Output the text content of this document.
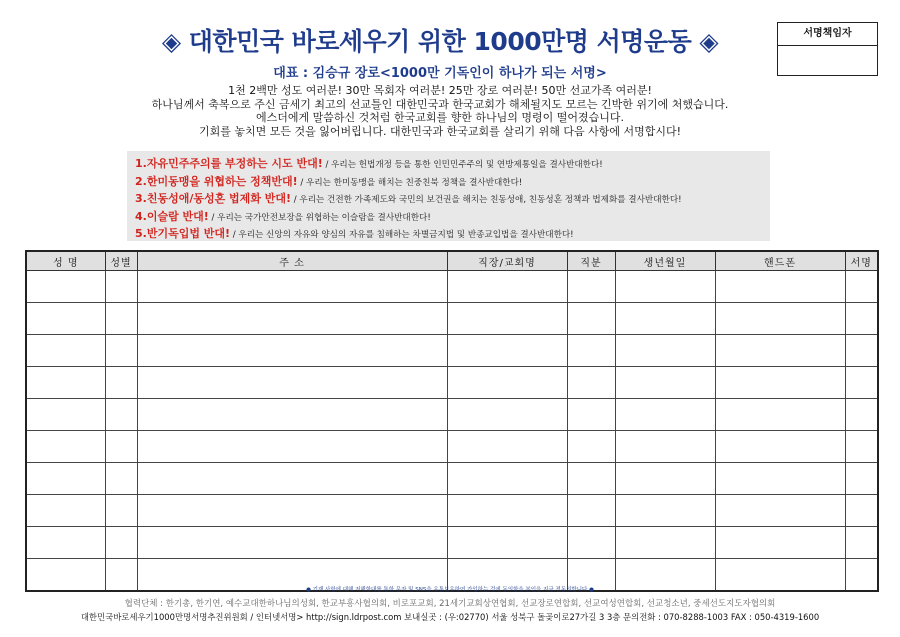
◈ 대한민국 바로세우기 위한 1000만명 서명운동 ◈	서명책임자
대표 : 김승규 장로<1000만 기독인이 하나가 되는 서명>
1천 2백만 성도 여러분! 30만 목회자 여러분! 25만 장로 여러분! 50만 선교가족 여러분!
하나님께서 축복으로 주신 금세기 최고의 선교틀인 대한민국과 한국교회가 해체될지도 모르는 긴박한 위기에 처했습니다.
에스더에게 말씀하신 것처럼 한국교회를 향한 하나님의 명령이 떨어졌습니다.
기회를 놓치면 모든 것을 잃어버립니다. 대한민국과 한국교회를 살리기 위해 다음 사항에 서명합시다!
1.자유민주주의를 부정하는 시도 반대! / 우리는 헌법개정 등을 통한 인민민주주의 및 연방제통일을 결사반대한다!
2.한미동맹을 위협하는 정책반대! / 우리는 한미동맹을 해치는 친중친북 정책을 결사반대한다!
3.친동성애/동성혼 법제화 반대! / 우리는 건전한 가족제도와 국민의 보건권을 해치는 친동성애, 친동성혼 정책과 법제화를 결사반대한다!
4.이슬람 반대! / 우리는 국가안전보장을 위협하는 이슬람을 결사반대한다!
5.반기독입법 반대! / 우리는 신앙의 자유와 양심의 자유를 침해하는 차별금지법 및 반종교입법을 결사반대한다!
성 명	성별	주 소	직장/교회명	직분	생년월일	핸드폰	서명

● 기재 사항에 대해 저해함대를 통한 문자 및 SNS을 유통보유하여 가입하는 것에 동의함을 본인을 지금 전동의합니다 ●
협력단체 : 한기총, 한기연, 예수교대한하나님의성회, 한교부흥사협의회, 비로포교회, 21세기교회상연협회, 선교장로연합회, 선교여성연합회, 선교청소년, 중세선도지도자협의회
대한민국바로세우기1000만명서명추진위원회 / 인터넷서명> http://sign.ldrpost.com 보내실곳 : (우:02770) 서울 성북구 돌곶이로27가길 3 3층 문의전화 : 070-8288-1003 FAX : 050-4319-1600
